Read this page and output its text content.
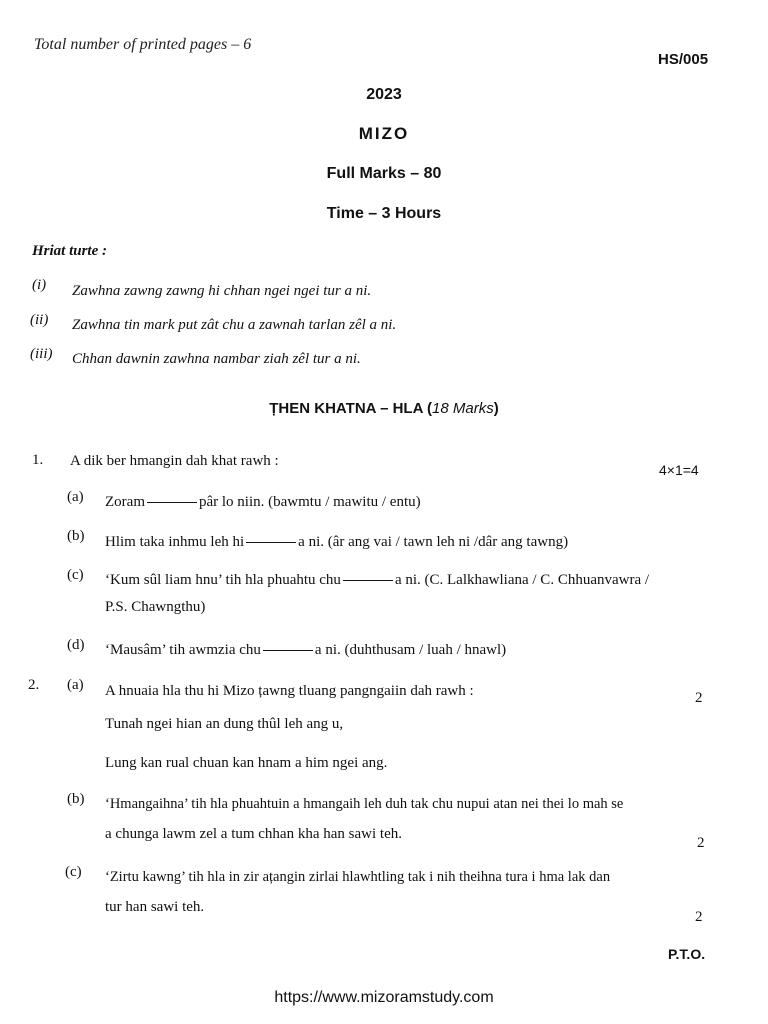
Total number of printed pages – 6
HS/005
2023
MIZO
Full Marks – 80
Time – 3 Hours
Hriat turte :
(i) Zawhna zawng zawng hi chhan ngei ngei tur a ni.
(ii) Zawhna tin mark put zât chu a zawnah tarlan zêl a ni.
(iii) Chhan dawnin zawhna nambar ziah zêl tur a ni.
ȚHEN KHATNA – HLA (18 Marks)
1. A dik ber hmangin dah khat rawh :
4×1=4
(a) Zoram	pâr lo niin. (bawmtu / mawitu / entu)
(b) Hlim taka inhmu leh hi	a ni. (âr ang vai / tawn leh ni /dâr ang tawng)
(c) ‘Kum sûl liam hnu’ tih hla phuahtu chu	a ni. (C. Lalkhawliana / C. Chhuanvawra /
P.S. Chawngthu)
(d) ‘Mausâm’ tih awmzia chu	a ni. (duhthusam / luah / hnawl)
2. (a) A hnuaia hla thu hi Mizo țawng tluang pangngaiin dah rawh :	2
Tunah ngei hian an dung thûl leh ang u,
Lung kan rual chuan kan hnam a him ngei ang.
(b) ‘Hmangaihna’ tih hla phuahtuin a hmangaih leh duh tak chu nupui atan nei thei lo mah se
a chunga lawm zel a tum chhan kha han sawi teh.
2
(c) ‘Zirtu kawng’ tih hla in zir ațangin zirlai hlawhtling tak i nih theihna tura i hma lak dan
tur han sawi teh.
2
P.T.O.
https://www.mizoramstudy.com
